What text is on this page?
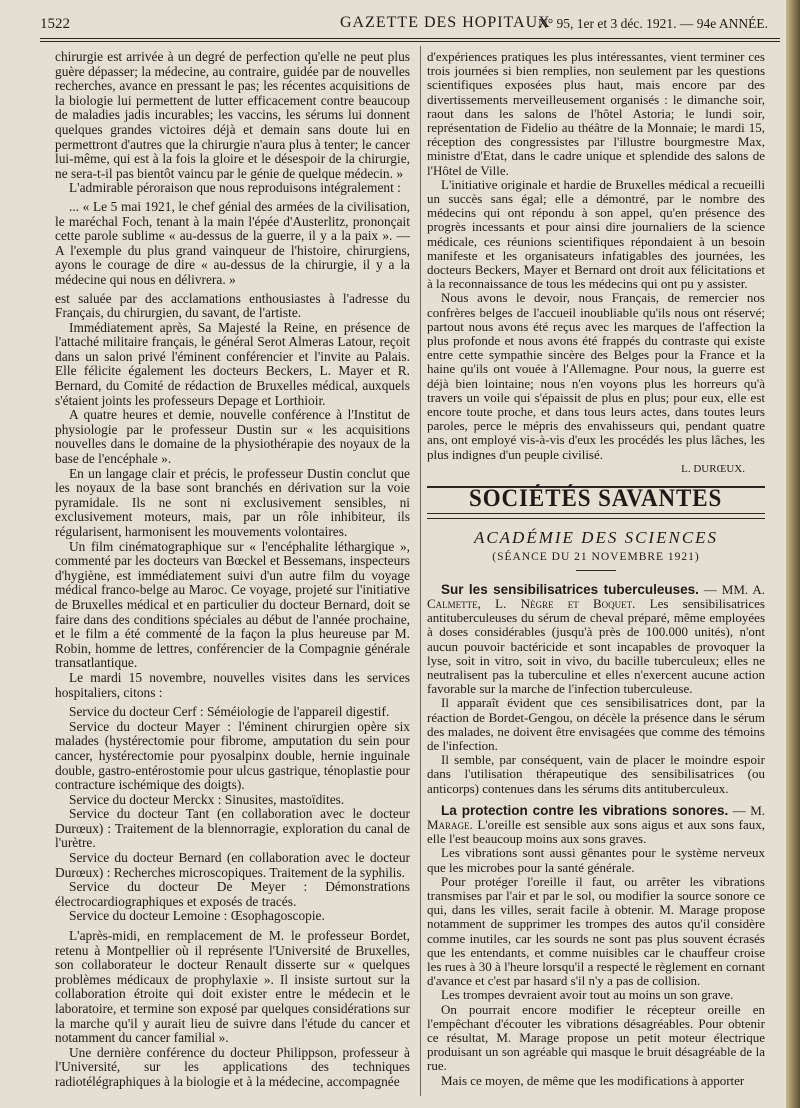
1522	GAZETTE DES HOPITAUX
N° 95, 1er et 3 déc. 1921. — 94e ANNÉE.

chirurgie est arrivée à un degré de perfection qu'elle ne peut plus guère dépasser; la médecine, au contraire, guidée par de nouvelles recherches, avance en pressant le pas; les récentes acquisitions de la biologie lui permettent de lutter efficacement contre beaucoup de maladies jadis incurables; les vaccins, les sérums lui donnent quelques grandes victoires déjà et demain sans doute lui en permettront d'autres que la chirurgie n'aura plus à tenter; le cancer lui-même, qui est à la fois la gloire et le désespoir de la chirurgie, ne sera-t-il pas bientôt vaincu par le génie de quelque médecin. »

L'admirable péroraison que nous reproduisons intégralement :

... « Le 5 mai 1921, le chef génial des armées de la civilisation, le maréchal Foch, tenant à la main l'épée d'Austerlitz, prononçait cette parole sublime « au-dessus de la guerre, il y a la paix ». — A l'exemple du plus grand vainqueur de l'histoire, chirurgiens, ayons le courage de dire « au-dessus de la chirurgie, il y a la médecine qui nous en délivrera. »

est saluée par des acclamations enthousiastes à l'adresse du Français, du chirurgien, du savant, de l'artiste.

Immédiatement après, Sa Majesté la Reine, en présence de l'attaché militaire français, le général Serot Almeras Latour, reçoit dans un salon privé l'éminent conférencier et l'invite au Palais. Elle félicite également les docteurs Beckers, L. Mayer et R. Bernard, du Comité de rédaction de Bruxelles médical, auxquels s'étaient joints les professeurs Depage et Lorthioir.

A quatre heures et demie, nouvelle conférence à l'Institut de physiologie par le professeur Dustin sur « les acquisitions nouvelles dans le domaine de la physiothérapie des noyaux de la base de l'encéphale ».

En un langage clair et précis, le professeur Dustin conclut que les noyaux de la base sont branchés en dérivation sur la voie pyramidale. Ils ne sont ni exclusivement sensibles, ni exclusivement moteurs, mais, par un rôle inhibiteur, ils régularisent, harmonisent les mouvements volontaires.

Un film cinématographique sur « l'encéphalite léthargique », commenté par les docteurs van Bœckel et Bessemans, inspecteurs d'hygiène, est immédiatement suivi d'un autre film du voyage médical franco-belge au Maroc. Ce voyage, projeté sur l'initiative de Bruxelles médical et en particulier du docteur Bernard, doit se faire dans des conditions spéciales au début de l'année prochaine, et le film a été commenté de la façon la plus heureuse par M. Robin, homme de lettres, conférencier de la Compagnie générale transatlantique.

Le mardi 15 novembre, nouvelles visites dans les services hospitaliers, citons :

Service du docteur Cerf : Séméiologie de l'appareil digestif.

Service du docteur Mayer : l'éminent chirurgien opère six malades (hystérectomie pour fibrome, amputation du sein pour cancer, hystérectomie pour pyosalpinx double, hernie inguinale double, gastro-entérostomie pour ulcus gastrique, ténoplastie pour contracture ischémique des doigts).

Service du docteur Merckx : Sinusites, mastoïdites.

Service du docteur Tant (en collaboration avec le docteur Durœux) : Traitement de la blennorragie, exploration du canal de l'urètre.

Service du docteur Bernard (en collaboration avec le docteur Durœux) : Recherches microscopiques. Traitement de la syphilis.

Service du docteur De Meyer : Démonstrations électrocardiographiques et exposés de tracés.

Service du docteur Lemoine : Œsophagoscopie.

L'après-midi, en remplacement de M. le professeur Bordet, retenu à Montpellier où il représente l'Université de Bruxelles, son collaborateur le docteur Renault disserte sur « quelques problèmes médicaux de prophylaxie ». Il insiste surtout sur la collaboration étroite qui doit exister entre le médecin et le laboratoire, et termine son exposé par quelques considérations sur la marche qu'il y aurait lieu de suivre dans l'étude du cancer et notamment du cancer familial ».

Une dernière conférence du docteur Philippson, professeur à l'Université, sur les applications des techniques radiotélégraphiques à la biologie et à la médecine, accompagnée

d'expériences pratiques les plus intéressantes, vient terminer ces trois journées si bien remplies, non seulement par les questions scientifiques exposées plus haut, mais encore par des divertissements merveilleusement organisés : le dimanche soir, raout dans les salons de l'hôtel Astoria; le lundi soir, représentation de Fidelio au théâtre de la Monnaie; le mardi 15, réception des congressistes par l'illustre bourgmestre Max, ministre d'Etat, dans le cadre unique et splendide des salons de l'Hôtel de Ville.

L'initiative originale et hardie de Bruxelles médical a recueilli un succès sans égal; elle a démontré, par le nombre des médecins qui ont répondu à son appel, qu'en présence des progrès incessants et pour ainsi dire journaliers de la science médicale, ces réunions scientifiques répondaient à un besoin manifeste et les organisateurs infatigables des journées, les docteurs Beckers, Mayer et Bernard ont droit aux félicitations et à la reconnaissance de tous les médecins qui ont pu y assister.

Nous avons le devoir, nous Français, de remercier nos confrères belges de l'accueil inoubliable qu'ils nous ont réservé; partout nous avons été reçus avec les marques de l'affection la plus profonde et nous avons été frappés du contraste qui existe entre cette sympathie sincère des Belges pour la France et la haine qu'ils ont vouée à l'Allemagne. Pour nous, la guerre est déjà bien lointaine; nous n'en voyons plus les horreurs qu'à travers un voile qui s'épaissit de plus en plus; pour eux, elle est encore toute proche, et dans tous leurs actes, dans toutes leurs paroles, perce le mépris des envahisseurs qui, pendant quatre ans, ont employé vis-à-vis d'eux les procédés les plus lâches, les plus indignes d'un peuple civilisé.

L. DURŒUX.

SOCIÉTÉS SAVANTES
ACADÉMIE DES SCIENCES
(SÉANCE DU 21 NOVEMBRE 1921)

Sur les sensibilisatrices tuberculeuses. — MM. A. Calmette, L. Nègre et Boquet. Les sensibilisatrices antituberculeuses du sérum de cheval préparé, même employées à doses considérables (jusqu'à près de 100.000 unités), n'ont aucun pouvoir bactéricide et sont incapables de provoquer la lyse, soit in vitro, soit in vivo, du bacille tuberculeux; elles ne neutralisent pas la tuberculine et elles n'exercent aucune action favorable sur la marche de l'infection tuberculeuse.

Il apparaît évident que ces sensibilisatrices dont, par la réaction de Bordet-Gengou, on décèle la présence dans le sérum des malades, ne doivent être envisagées que comme des témoins de l'infection.

Il semble, par conséquent, vain de placer le moindre espoir dans l'utilisation thérapeutique des sensibilisatrices (ou anticorps) contenues dans les sérums dits antituberculeux.

La protection contre les vibrations sonores. — M. Marage. L'oreille est sensible aux sons aigus et aux sons faux, elle l'est beaucoup moins aux sons graves.

Les vibrations sont aussi gênantes pour le système nerveux que les microbes pour la santé générale.

Pour protéger l'oreille il faut, ou arrêter les vibrations transmises par l'air et par le sol, ou modifier la source sonore ce qui, dans les villes, serait facile à obtenir. M. Marage propose notamment de supprimer les trompes des autos qu'il considère comme inutiles, car les sourds ne sont pas plus souvent écrasés que les entendants, et comme nuisibles car le chauffeur croise les rues à 30 à l'heure lorsqu'il a respecté le règlement en cornant d'avance et c'est par hasard s'il n'y a pas de collision.

Les trompes devraient avoir tout au moins un son grave.

On pourrait encore modifier le récepteur oreille en l'empêchant d'écouter les vibrations désagréables. Pour obtenir ce résultat, M. Marage propose un petit moteur électrique produisant un son agréable qui masque le bruit désagréable de la rue.

Mais ce moyen, de même que les modifications à apporter
